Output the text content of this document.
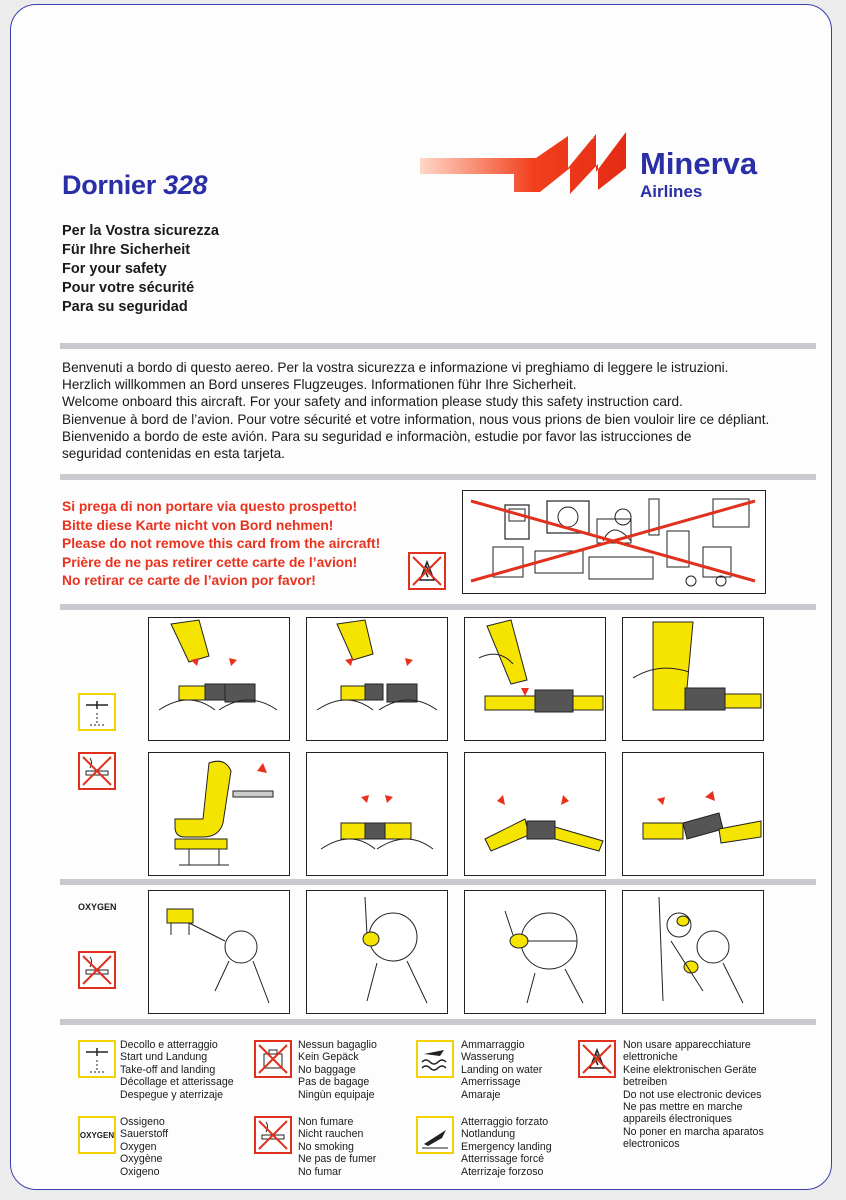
Dornier 328
Minerva
Airlines
Per la Vostra sicurezza
Für Ihre Sicherheit
For your safety
Pour votre sécurité
Para su seguridad
Benvenuti a bordo di questo aereo. Per la vostra sicurezza e informazione vi preghiamo di leggere le istruzioni.
Herzlich willkommen an Bord unseres Flugzeuges. Informationen führ Ihre Sicherheit.
Welcome onboard this aircraft. For your safety and information please study this safety instruction card.
Bienvenue à bord de l’avion. Pour votre sécurité et votre information, nous vous prions de bien vouloir lire ce dépliant.
Bienvenido a bordo de este avión. Para su seguridad e informaciòn, estudie por favor las istrucciones de
seguridad contenidas en esta tarjeta.
Si prega di non portare via questo prospetto!
Bitte diese Karte nicht von Bord nehmen!
Please do not remove this card from the aircraft!
Prière de ne pas retirer cette carte de l’avion!
No retirar ce carte de l’avion por favor!
OXYGEN
Decollo e atterraggio
Start und Landung
Take-off and landing
Décollage et atterissage
Despegue y aterrizaje
OXYGEN
Ossigeno
Sauerstoff
Oxygen
Oxygène
Oxigeno
Nessun bagaglio
Kein Gepäck
No baggage
Pas de bagage
Ningùn equipaje
Non fumare
Nicht rauchen
No smoking
Ne pas de fumer
No fumar
Ammarraggio
Wasserung
Landing on water
Amerrissage
Amaraje
Atterraggio forzato
Notlandung
Emergency landing
Atterrissage forcé
Aterrizaje forzoso
Non usare apparecchiature
elettroniche
Keine elektronischen Geräte
betreiben
Do not use electronic devices
Ne pas mettre en marche
appareils électroniques
No poner en marcha aparatos
electronicos
